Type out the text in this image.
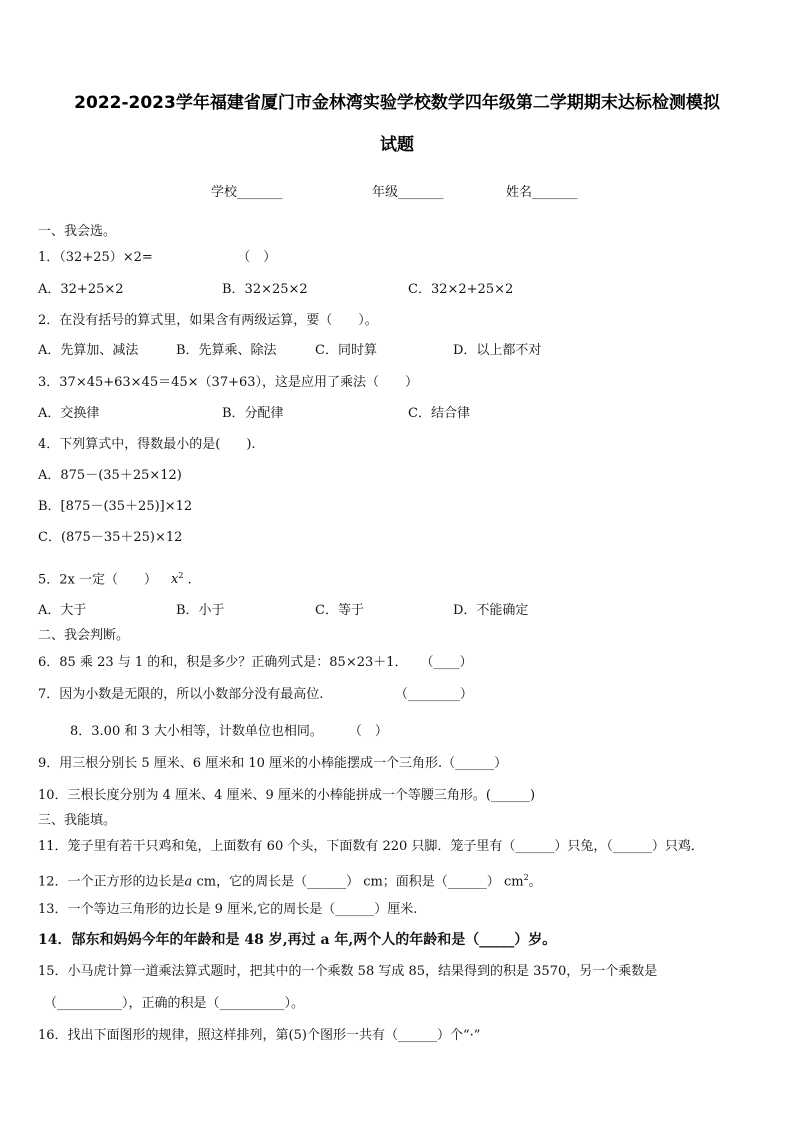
2022-2023学年福建省厦门市金林湾实验学校数学四年级第二学期期末达标检测模拟
试题
学校_______	年级_______	姓名_______
一、我会选。
1．（32+25）×2=　　　　　　　（　）
A．32+25×2	B．32×25×2	C．32×2+25×2
2．在没有括号的算式里，如果含有两级运算，要（　　）。
A．先算加、减法	B．先算乘、除法	C．同时算	D．以上都不对
3．37×45+63×45＝45×（37+63），这是应用了乘法（　　）
A．交换律	B．分配律	C．结合律
4．下列算式中，得数最小的是(　　).
A．875－(35＋25×12)
B．[875－(35＋25)]×12
C．(875－35＋25)×12
5．2x 一定（　　） $x^2$ .
A．大于	B．小于	C．等于	D．不能确定
二、我会判断。
6．85 乘 23 与 1 的和，积是多少？正确列式是：85×23＋1．　　（____）
7．因为小数是无限的，所以小数部分没有最高位.　　　　　　（________）
8．3.00 和 3 大小相等，计数单位也相同。　　　（　）
9．用三根分别长 5 厘米、6 厘米和 10 厘米的小棒能摆成一个三角形.（______）
10．三根长度分别为 4 厘米、4 厘米、9 厘米的小棒能拼成一个等腰三角形。(______)
三、我能填。
11．笼子里有若干只鸡和兔，上面数有 60 个头，下面数有 220 只脚．笼子里有（______）只兔，（______）只鸡．
12．一个正方形的边长是a cm，它的周长是（______） cm；面积是（______） $cm^2$。
13．一个等边三角形的边长是 9 厘米,它的周长是（______）厘米.
14．郜东和妈妈今年的年龄和是 48 岁,再过 a 年,两个人的年龄和是（_____）岁。
15．小马虎计算一道乘法算式题时，把其中的一个乘数 58 写成 85，结果得到的积是 3570，另一个乘数是
（__________），正确的积是（__________）。
16．找出下面图形的规律，照这样排列，第(5)个图形一共有（______）个“·”
